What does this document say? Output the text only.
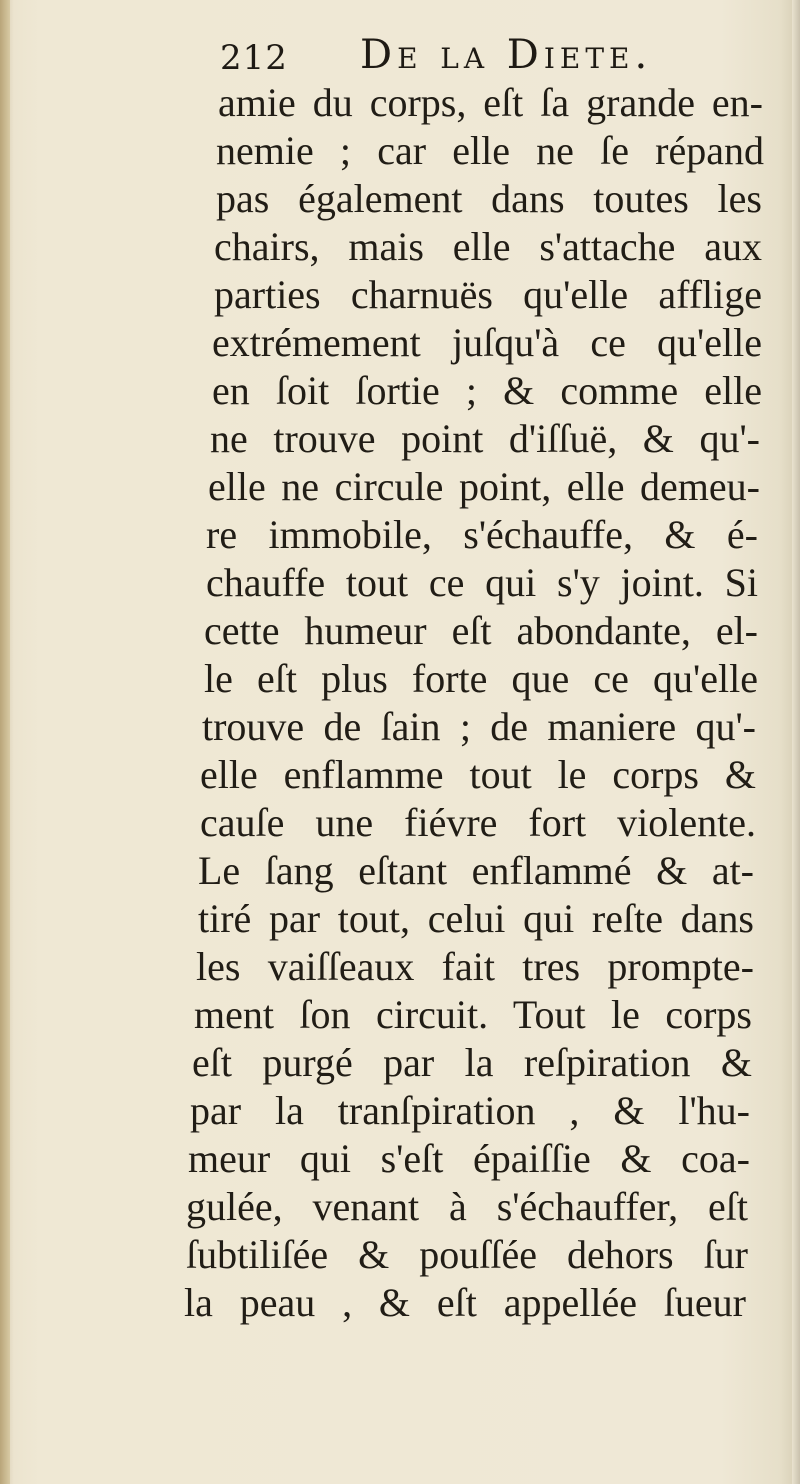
212 De la Diete.
amie du corps, eſt ſa grande en-
nemie ; car elle ne ſe répand
pas également dans toutes les
chairs, mais elle s'attache aux
parties charnuës qu'elle afflige
extrémement juſqu'à ce qu'elle
en ſoit ſortie ; & comme elle
ne trouve point d'iſſuë, & qu'-
elle ne circule point, elle demeu-
re immobile, s'échauffe, & é-
chauffe tout ce qui s'y joint. Si
cette humeur eſt abondante, el-
le eſt plus forte que ce qu'elle
trouve de ſain ; de maniere qu'-
elle enflamme tout le corps &
cauſe une fiévre fort violente.
Le ſang eſtant enflammé & at-
tiré par tout, celui qui reſte dans
les vaiſſeaux fait tres prompte-
ment ſon circuit. Tout le corps
eſt purgé par la reſpiration &
par la tranſpiration , & l'hu-
meur qui s'eſt épaiſſie & coa-
gulée, venant à s'échauffer, eſt
ſubtiliſée & pouſſée dehors ſur
la peau , & eſt appellée ſueur
